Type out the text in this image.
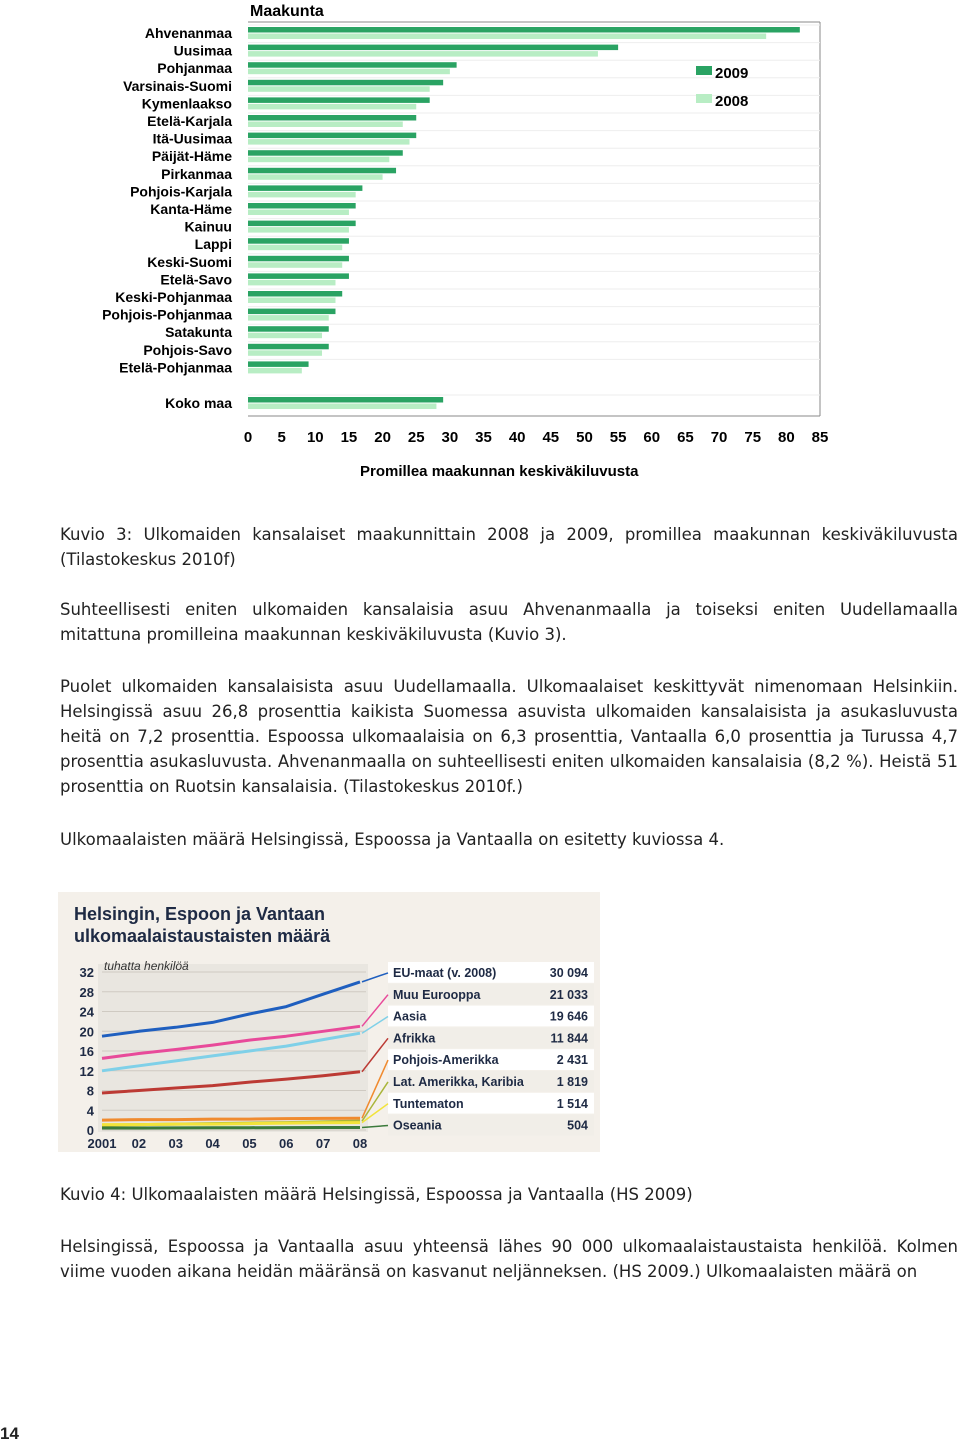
Maakunta
Ahvenanmaa
Uusimaa
Pohjanmaa
Varsinais-Suomi
Kymenlaakso
Etelä-Karjala
Itä-Uusimaa
Päijät-Häme
Pirkanmaa
Pohjois-Karjala
Kanta-Häme
Kainuu
Lappi
Keski-Suomi
Etelä-Savo
Keski-Pohjanmaa
Pohjois-Pohjanmaa
Satakunta
Pohjois-Savo
Etelä-Pohjanmaa
Koko maa
0 5 10 15 20 25 30 35 40 45 50 55 60 65 70 75 80 85
2009
2008
Promillea maakunnan keskiväkiluvusta

Kuvio 3: Ulkomaiden kansalaiset maakunnittain 2008 ja 2009, promillea maakunnan keskiväkiluvusta (Tilastokeskus 2010f)

Suhteellisesti eniten ulkomaiden kansalaisia asuu Ahvenanmaalla ja toiseksi eniten Uudellamaalla mitattuna promilleina maakunnan keskiväkiluvusta (Kuvio 3).

Puolet ulkomaiden kansalaisista asuu Uudellamaalla. Ulkomaalaiset keskittyvät nimenomaan Helsinkiin. Helsingissä asuu 26,8 prosenttia kaikista Suomessa asuvista ulkomaiden kansalaisista ja asukasluvusta heitä on 7,2 prosenttia. Espoossa ulkomaalaisia on 6,3 prosenttia, Vantaalla 6,0 prosenttia ja Turussa 4,7 prosenttia asukasluvusta. Ahvenanmaalla on suhteellisesti eniten ulkomaiden kansalaisia (8,2 %). Heistä 51 prosenttia on Ruotsin kansalaisia. (Tilastokeskus 2010f.)

Ulkomaalaisten määrä Helsingissä, Espoossa ja Vantaalla on esitetty kuviossa 4.

Helsingin, Espoon ja Vantaan
ulkomaalaistaustaisten määrä
tuhatta henkilöä
32
28
24
20
16
12
8
4
0
2001 02 03 04 05 06 07 08
EU-maat (v. 2008)	30 094
Muu Eurooppa	21 033
Aasia	19 646
Afrikka	11 844
Pohjois-Amerikka	2 431
Lat. Amerikka, Karibia	1 819
Tuntematon	1 514
Oseania	504

Kuvio 4: Ulkomaalaisten määrä Helsingissä, Espoossa ja Vantaalla (HS 2009)

Helsingissä, Espoossa ja Vantaalla asuu yhteensä lähes 90 000 ulkomaalaistaustaista henkilöä. Kolmen viime vuoden aikana heidän määränsä on kasvanut neljänneksen. (HS 2009.) Ulkomaalaisten määrä on

14
